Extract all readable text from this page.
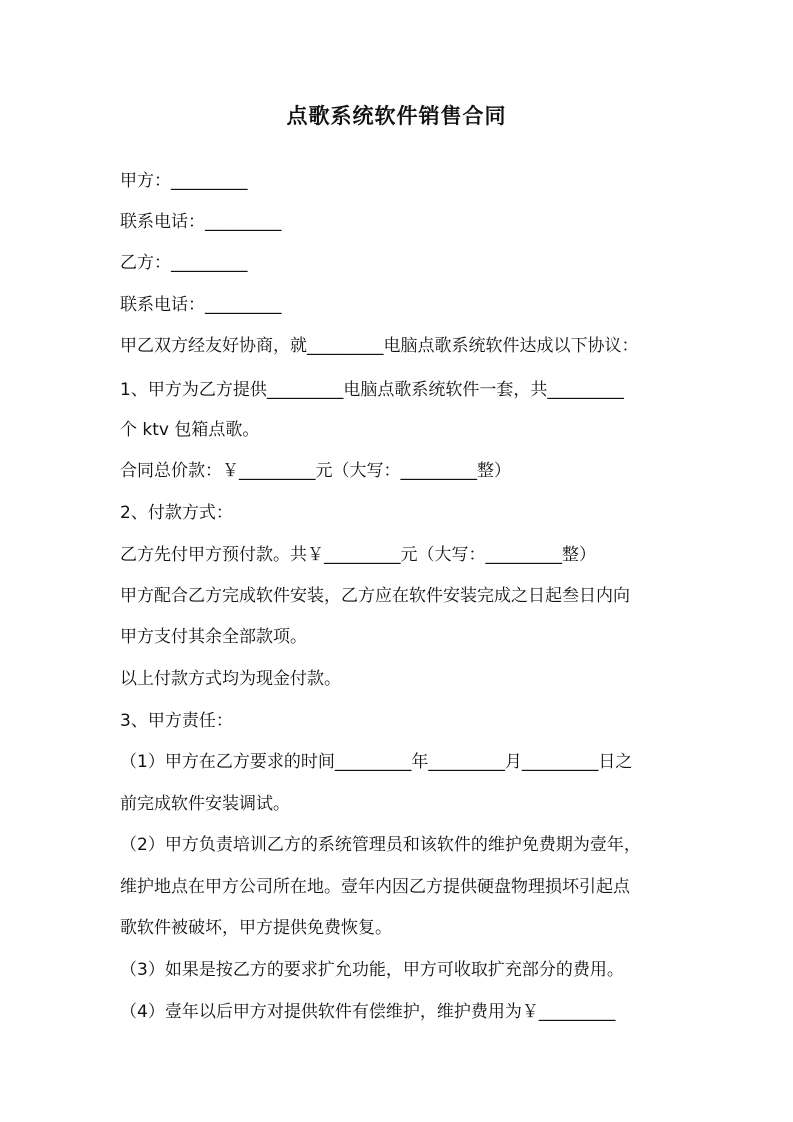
点歌系统软件销售合同

甲方：_________

联系电话：_________

乙方：_________

联系电话：_________

甲乙双方经友好协商，就_________电脑点歌系统软件达成以下协议：

1、甲方为乙方提供_________电脑点歌系统软件一套，共_________

个 ktv 包箱点歌。

合同总价款：￥_________元（大写：_________整）

2、付款方式：

乙方先付甲方预付款。共￥_________元（大写：_________整）

甲方配合乙方完成软件安装，乙方应在软件安装完成之日起叁日内向

甲方支付其余全部款项。

以上付款方式均为现金付款。

3、甲方责任：

（1）甲方在乙方要求的时间_________年_________月_________日之

前完成软件安装调试。

（2）甲方负责培训乙方的系统管理员和该软件的维护免费期为壹年，

维护地点在甲方公司所在地。壹年内因乙方提供硬盘物理损坏引起点

歌软件被破坏，甲方提供免费恢复。

（3）如果是按乙方的要求扩允功能，甲方可收取扩充部分的费用。

（4）壹年以后甲方对提供软件有偿维护，维护费用为￥_________
